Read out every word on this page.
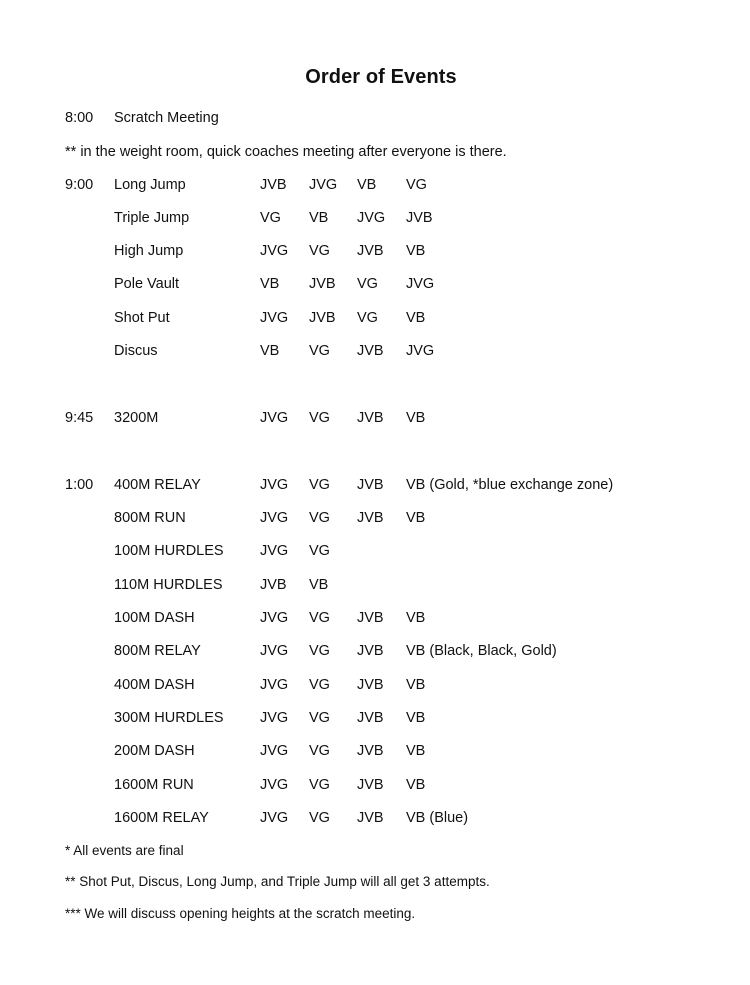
Order of Events
8:00 Scratch Meeting
** in the weight room, quick coaches meeting after everyone is there.
9:00 Long Jump	JVB JVG VB VG
Triple Jump	VG VB JVG JVB
High Jump	JVG VG JVB VB
Pole Vault	VB JVB VG JVG
Shot Put	JVG JVB VG VB
Discus	VB VG JVB JVG
9:45 3200M	JVG VG JVB VB
1:00 400M RELAY	JVG VG JVB VB (Gold, *blue exchange zone)
800M RUN	JVG VG JVB VB
100M HURDLES	JVG VG
110M HURDLES	JVB VB
100M DASH	JVG VG JVB VB
800M RELAY	JVG VG JVB VB (Black, Black, Gold)
400M DASH	JVG VG JVB VB
300M HURDLES	JVG VG JVB VB
200M DASH	JVG VG JVB VB
1600M RUN	JVG VG JVB VB
1600M RELAY	JVG VG JVB VB (Blue)
* All events are final
** Shot Put, Discus, Long Jump, and Triple Jump will all get 3 attempts.
*** We will discuss opening heights at the scratch meeting.
